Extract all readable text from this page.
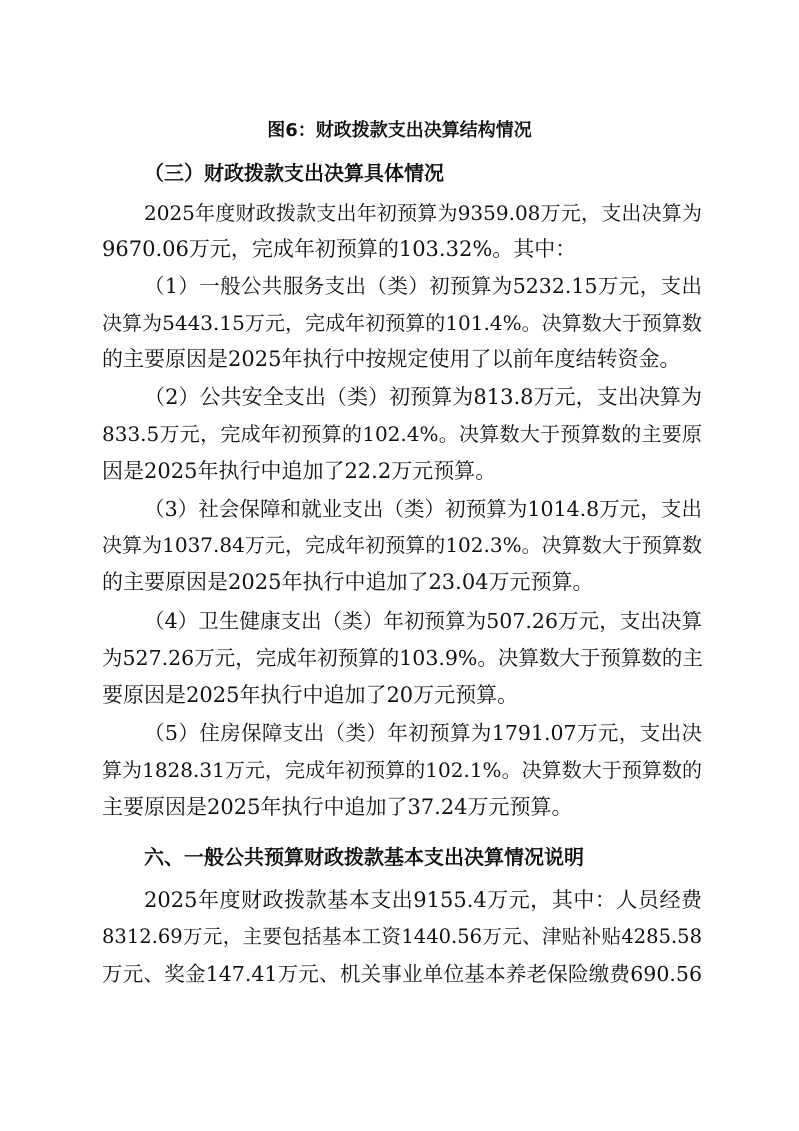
图6：财政拨款支出决算结构情况
（三）财政拨款支出决算具体情况
2025年度财政拨款支出年初预算为9359.08万元，支出决算为
9670.06万元，完成年初预算的103.32%。其中：
（1）一般公共服务支出（类）初预算为5232.15万元，支出
决算为5443.15万元，完成年初预算的101.4%。决算数大于预算数
的主要原因是2025年执行中按规定使用了以前年度结转资金。
（2）公共安全支出（类）初预算为813.8万元，支出决算为
833.5万元，完成年初预算的102.4%。决算数大于预算数的主要原
因是2025年执行中追加了22.2万元预算。
（3）社会保障和就业支出（类）初预算为1014.8万元，支出
决算为1037.84万元，完成年初预算的102.3%。决算数大于预算数
的主要原因是2025年执行中追加了23.04万元预算。
（4）卫生健康支出（类）年初预算为507.26万元，支出决算
为527.26万元，完成年初预算的103.9%。决算数大于预算数的主
要原因是2025年执行中追加了20万元预算。
（5）住房保障支出（类）年初预算为1791.07万元，支出决
算为1828.31万元，完成年初预算的102.1%。决算数大于预算数的
主要原因是2025年执行中追加了37.24万元预算。
六、一般公共预算财政拨款基本支出决算情况说明
2025年度财政拨款基本支出9155.4万元，其中：人员经费
8312.69万元，主要包括基本工资1440.56万元、津贴补贴4285.58
万元、奖金147.41万元、机关事业单位基本养老保险缴费690.56
